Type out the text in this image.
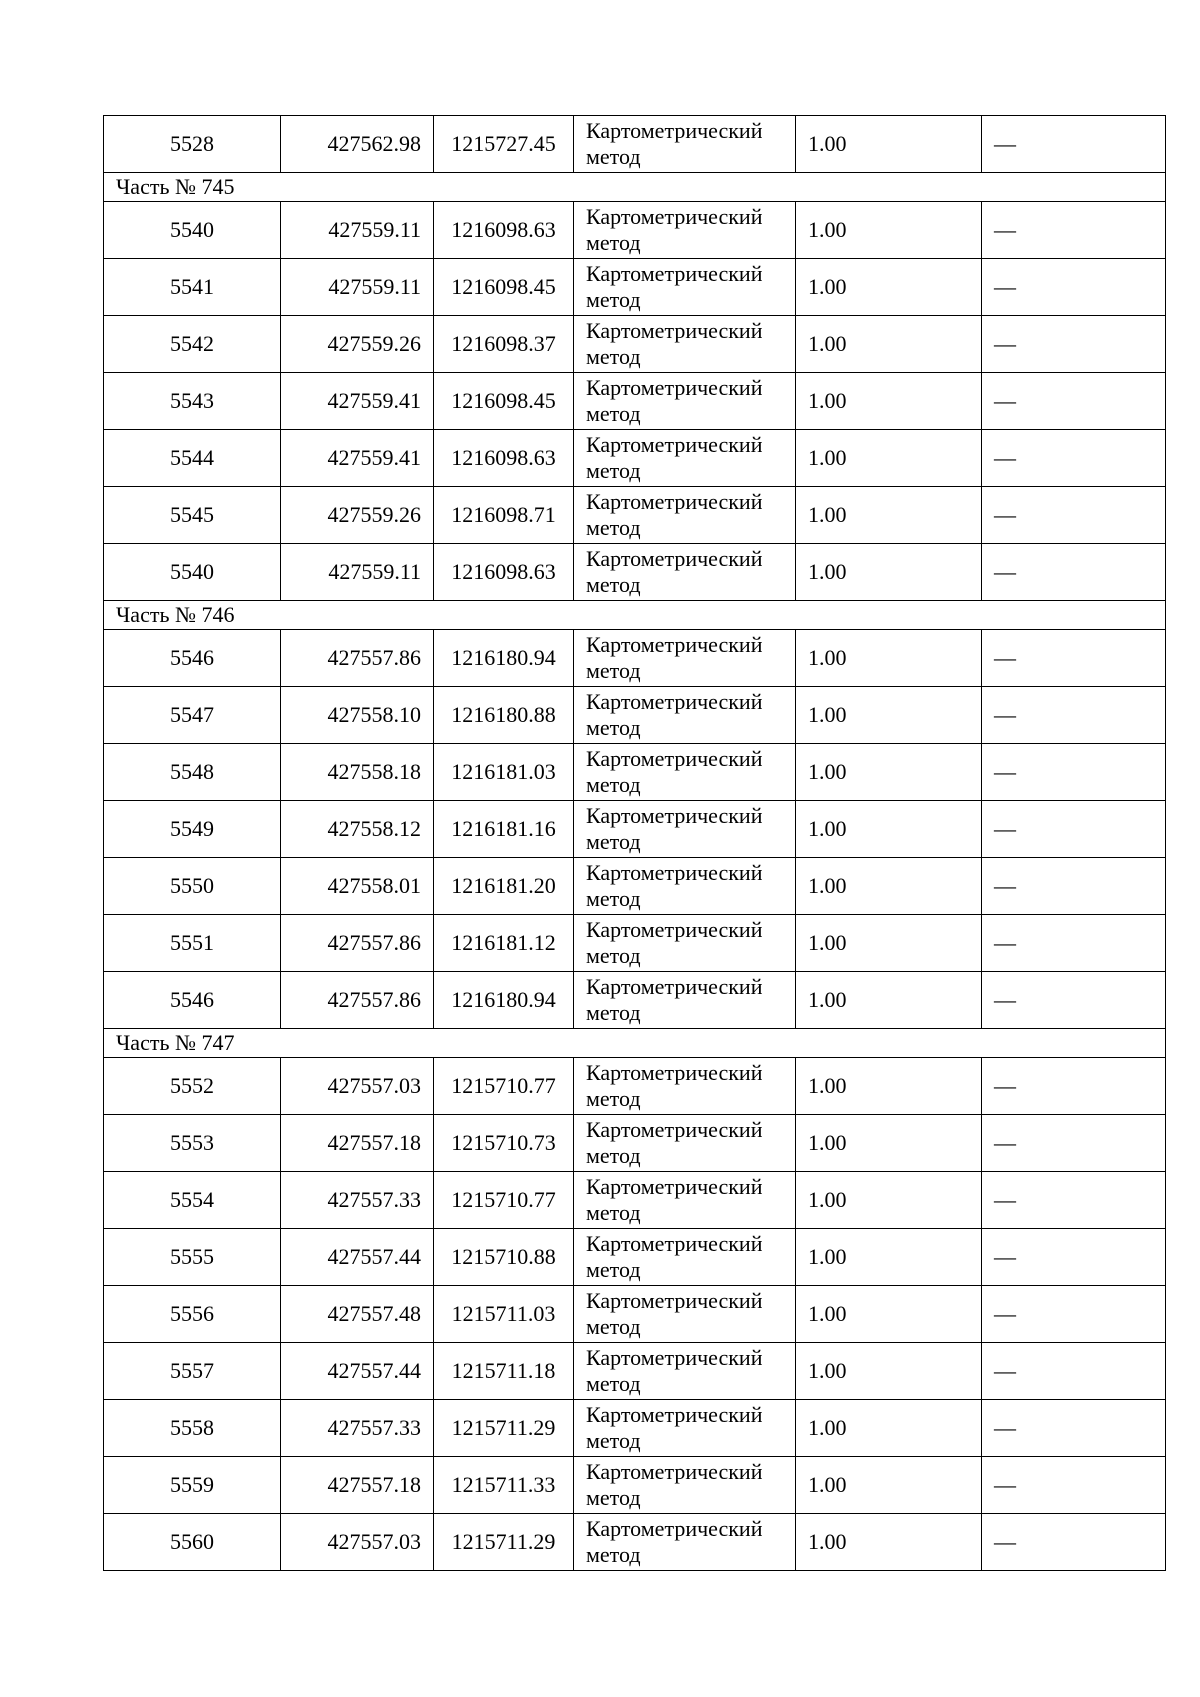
5528	427562.98	1215727.45	Картометрический метод	1.00	—
Часть № 745					
5540	427559.11	1216098.63	Картометрический метод	1.00	—
5541	427559.11	1216098.45	Картометрический метод	1.00	—
5542	427559.26	1216098.37	Картометрический метод	1.00	—
5543	427559.41	1216098.45	Картометрический метод	1.00	—
5544	427559.41	1216098.63	Картометрический метод	1.00	—
5545	427559.26	1216098.71	Картометрический метод	1.00	—
5540	427559.11	1216098.63	Картометрический метод	1.00	—
Часть № 746					
5546	427557.86	1216180.94	Картометрический метод	1.00	—
5547	427558.10	1216180.88	Картометрический метод	1.00	—
5548	427558.18	1216181.03	Картометрический метод	1.00	—
5549	427558.12	1216181.16	Картометрический метод	1.00	—
5550	427558.01	1216181.20	Картометрический метод	1.00	—
5551	427557.86	1216181.12	Картометрический метод	1.00	—
5546	427557.86	1216180.94	Картометрический метод	1.00	—
Часть № 747					
5552	427557.03	1215710.77	Картометрический метод	1.00	—
5553	427557.18	1215710.73	Картометрический метод	1.00	—
5554	427557.33	1215710.77	Картометрический метод	1.00	—
5555	427557.44	1215710.88	Картометрический метод	1.00	—
5556	427557.48	1215711.03	Картометрический метод	1.00	—
5557	427557.44	1215711.18	Картометрический метод	1.00	—
5558	427557.33	1215711.29	Картометрический метод	1.00	—
5559	427557.18	1215711.33	Картометрический метод	1.00	—
5560	427557.03	1215711.29	Картометрический метод	1.00	—
